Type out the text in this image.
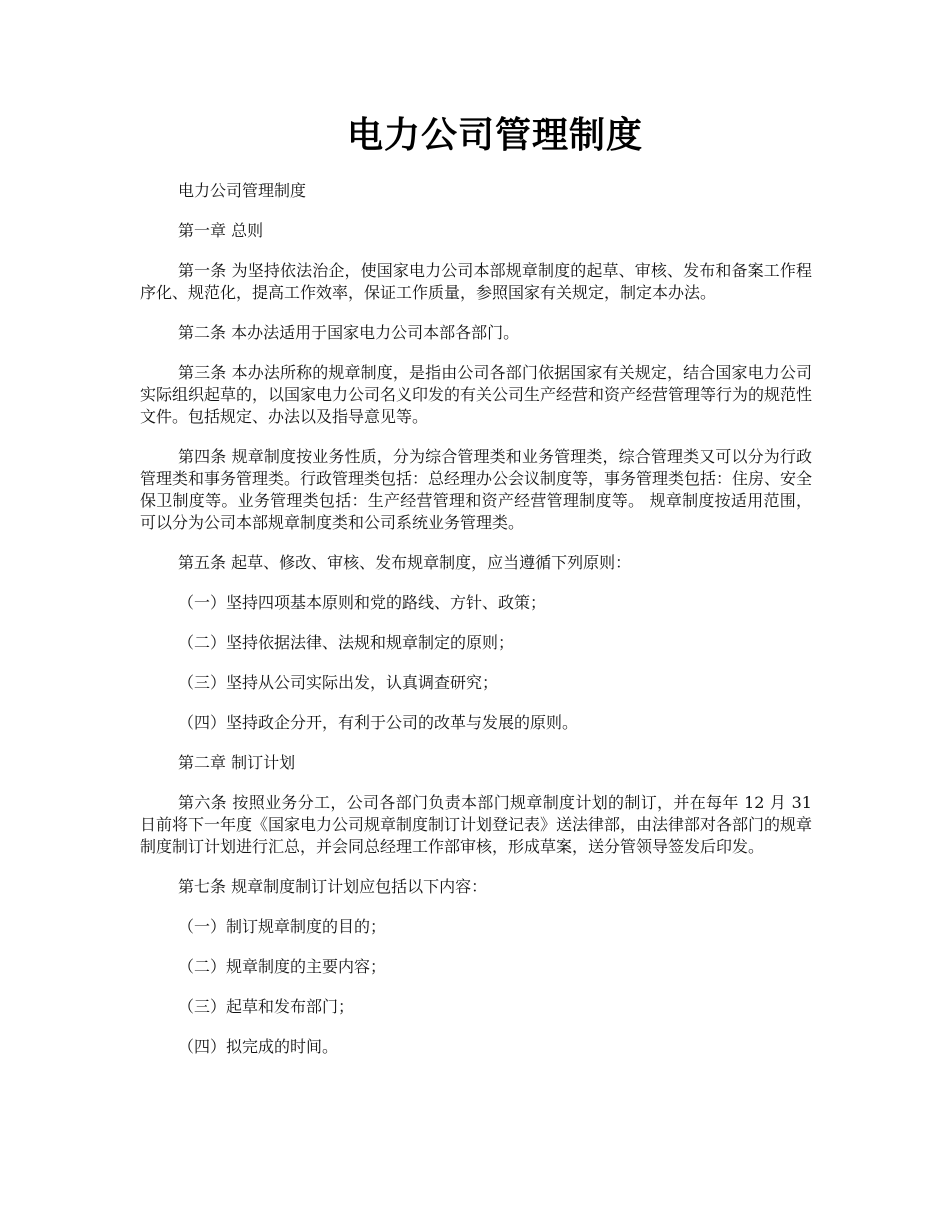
电力公司管理制度

电力公司管理制度

第一章 总则

第一条 为坚持依法治企，使国家电力公司本部规章制度的起草、审核、发布和备案工作程序化、规范化，提高工作效率，保证工作质量，参照国家有关规定，制定本办法。

第二条 本办法适用于国家电力公司本部各部门。

第三条 本办法所称的规章制度，是指由公司各部门依据国家有关规定，结合国家电力公司实际组织起草的，以国家电力公司名义印发的有关公司生产经营和资产经营管理等行为的规范性文件。包括规定、办法以及指导意见等。

第四条 规章制度按业务性质，分为综合管理类和业务管理类，综合管理类又可以分为行政管理类和事务管理类。行政管理类包括：总经理办公会议制度等，事务管理类包括：住房、安全保卫制度等。业务管理类包括：生产经营管理和资产经营管理制度等。 规章制度按适用范围，可以分为公司本部规章制度类和公司系统业务管理类。

第五条 起草、修改、审核、发布规章制度，应当遵循下列原则：

（一）坚持四项基本原则和党的路线、方针、政策；

（二）坚持依据法律、法规和规章制定的原则；

（三）坚持从公司实际出发，认真调查研究；

（四）坚持政企分开，有利于公司的改革与发展的原则。

第二章 制订计划

第六条 按照业务分工，公司各部门负责本部门规章制度计划的制订，并在每年 12 月 31 日前将下一年度《国家电力公司规章制度制订计划登记表》送法律部，由法律部对各部门的规章制度制订计划进行汇总，并会同总经理工作部审核，形成草案，送分管领导签发后印发。

第七条 规章制度制订计划应包括以下内容：

（一）制订规章制度的目的；

（二）规章制度的主要内容；

（三）起草和发布部门；

（四）拟完成的时间。
